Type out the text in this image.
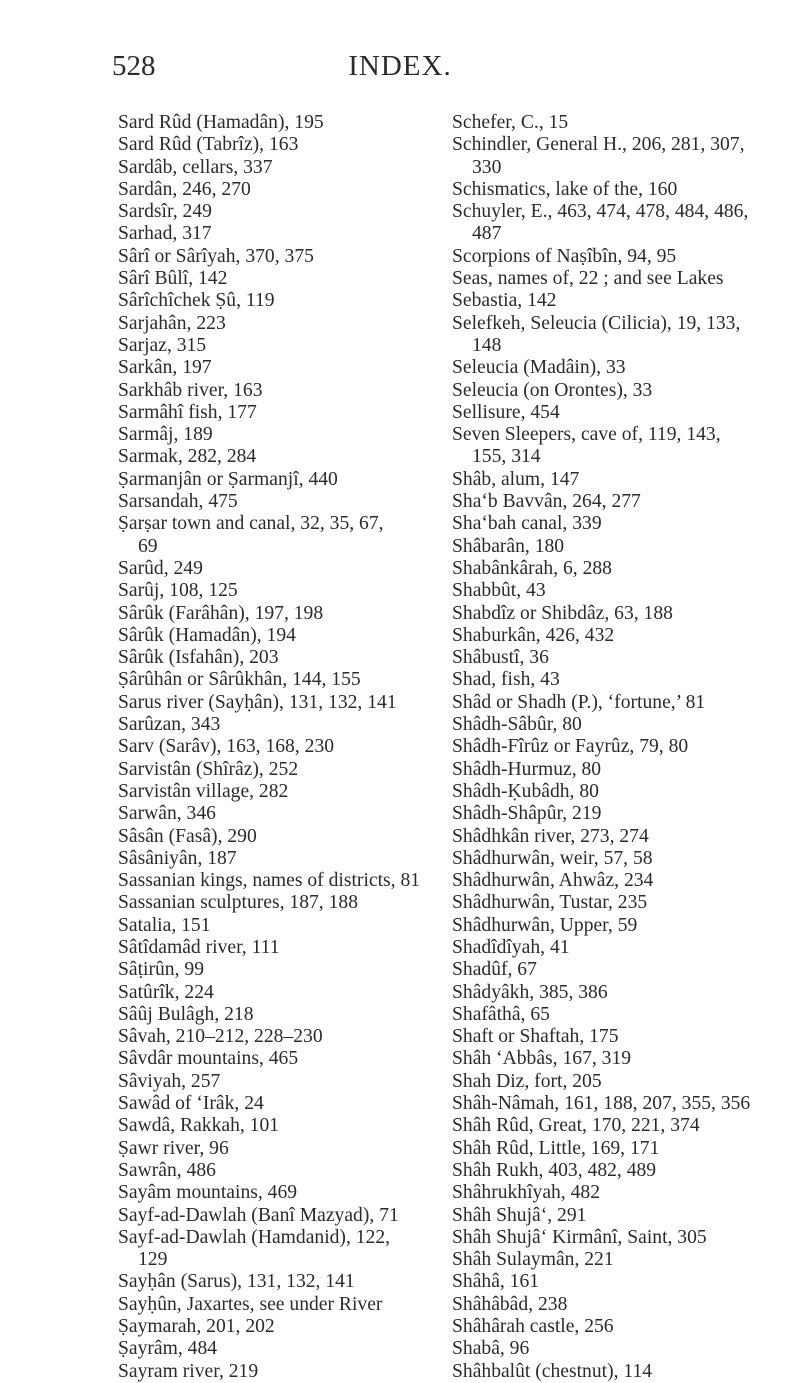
528	INDEX.
Sard Rûd (Hamadân), 195
Sard Rûd (Tabrîz), 163
Sardâb, cellars, 337
Sardân, 246, 270
Sardsîr, 249
Sarhad, 317
Sârî or Sârîyah, 370, 375
Sârî Bûlî, 142
Sârîchîchek Ṣû, 119
Sarjahân, 223
Sarjaz, 315
Sarkân, 197
Sarkhâb river, 163
Sarmâhî fish, 177
Sarmâj, 189
Sarmak, 282, 284
Ṣarmanjân or Ṣarmanjî, 440
Sarsandah, 475
Ṣarṣar town and canal, 32, 35, 67,
69
Sarûd, 249
Sarûj, 108, 125
Sârûk (Farâhân), 197, 198
Sârûk (Hamadân), 194
Sârûk (Isfahân), 203
Ṣârûhân or Sârûkhân, 144, 155
Sarus river (Sayḥân), 131, 132, 141
Sarûzan, 343
Sarv (Sarâv), 163, 168, 230
Sarvistân (Shîrâz), 252
Sarvistân village, 282
Sarwân, 346
Sâsân (Fasâ), 290
Sâsâniyân, 187
Sassanian kings, names of districts, 81
Sassanian sculptures, 187, 188
Satalia, 151
Sâtîdamâd river, 111
Sâṭirûn, 99
Satûrîk, 224
Sâûj Bulâgh, 218
Sâvah, 210–212, 228–230
Sâvdâr mountains, 465
Sâviyah, 257
Sawâd of ‘Irâk, 24
Sawdâ, Rakkah, 101
Ṣawr river, 96
Sawrân, 486
Sayâm mountains, 469
Sayf-ad-Dawlah (Banî Mazyad), 71
Sayf-ad-Dawlah (Hamdanid), 122,
129
Sayḥân (Sarus), 131, 132, 141
Sayḥûn, Jaxartes, see under River
Ṣaymarah, 201, 202
Ṣayrâm, 484
Sayram river, 219
Schefer, C., 15
Schindler, General H., 206, 281, 307,
330
Schismatics, lake of the, 160
Schuyler, E., 463, 474, 478, 484, 486,
487
Scorpions of Naṣîbîn, 94, 95
Seas, names of, 22 ; and see Lakes
Sebastia, 142
Selefkeh, Seleucia (Cilicia), 19, 133,
148
Seleucia (Madâin), 33
Seleucia (on Orontes), 33
Sellisure, 454
Seven Sleepers, cave of, 119, 143,
155, 314
Shâb, alum, 147
Sha‘b Bavvân, 264, 277
Sha‘bah canal, 339
Shâbarân, 180
Shabânkârah, 6, 288
Shabbût, 43
Shabdîz or Shibdâz, 63, 188
Shaburkân, 426, 432
Shâbustî, 36
Shad, fish, 43
Shâd or Shadh (P.), ‘fortune,’ 81
Shâdh-Sâbûr, 80
Shâdh-Fîrûz or Fayrûz, 79, 80
Shâdh-Hurmuz, 80
Shâdh-Ḳubâdh, 80
Shâdh-Shâpûr, 219
Shâdhkân river, 273, 274
Shâdhurwân, weir, 57, 58
Shâdhurwân, Ahwâz, 234
Shâdhurwân, Tustar, 235
Shâdhurwân, Upper, 59
Shadîdîyah, 41
Shadûf, 67
Shâdyâkh, 385, 386
Shafâthâ, 65
Shaft or Shaftah, 175
Shâh ‘Abbâs, 167, 319
Shah Diz, fort, 205
Shâh-Nâmah, 161, 188, 207, 355, 356
Shâh Rûd, Great, 170, 221, 374
Shâh Rûd, Little, 169, 171
Shâh Rukh, 403, 482, 489
Shâhrukhîyah, 482
Shâh Shujâ‘, 291
Shâh Shujâ‘ Kirmânî, Saint, 305
Shâh Sulaymân, 221
Shâhâ, 161
Shâhâbâd, 238
Shâhârah castle, 256
Shabâ, 96
Shâhbalût (chestnut), 114
